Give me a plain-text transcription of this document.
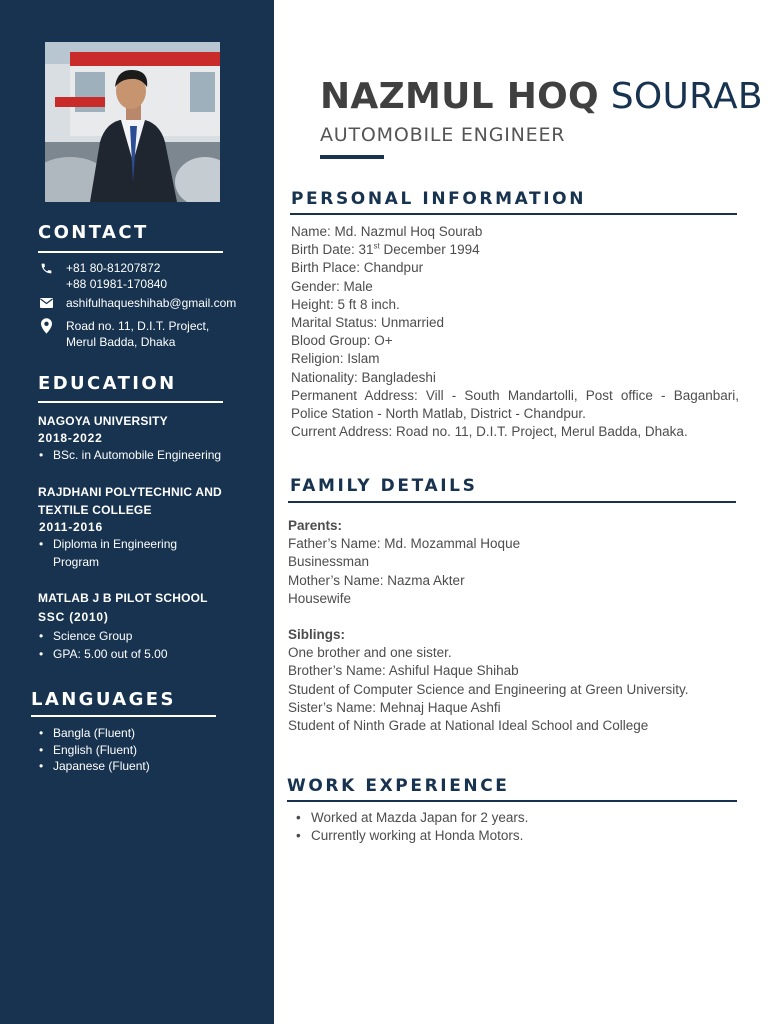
CONTACT
+81 80-81207872
+88 01981-170840
ashifulhaqueshihab@gmail.com
Road no. 11, D.I.T. Project,
Merul Badda, Dhaka
EDUCATION
NAGOYA UNIVERSITY
2018-2022
• BSc. in Automobile Engineering
RAJDHANI POLYTECHNIC AND
TEXTILE COLLEGE
2011-2016
• Diploma in Engineering Program
MATLAB J B PILOT SCHOOL
SSC (2010)
• Science Group
• GPA: 5.00 out of 5.00
LANGUAGES
• Bangla (Fluent)
• English (Fluent)
• Japanese (Fluent)
NAZMUL HOQ SOURAB
AUTOMOBILE ENGINEER
PERSONAL INFORMATION
Name: Md. Nazmul Hoq Sourab
Birth Date: 31st December 1994
Birth Place: Chandpur
Gender: Male
Height: 5 ft 8 inch.
Marital Status: Unmarried
Blood Group: O+
Religion: Islam
Nationality: Bangladeshi
Permanent Address: Vill - South Mandartolli, Post office - Baganbari, Police Station - North Matlab, District - Chandpur.
Current Address: Road no. 11, D.I.T. Project, Merul Badda, Dhaka.
FAMILY DETAILS
Parents:
Father’s Name: Md. Mozammal Hoque
Businessman
Mother’s Name: Nazma Akter
Housewife
Siblings:
One brother and one sister.
Brother’s Name: Ashiful Haque Shihab
Student of Computer Science and Engineering at Green University.
Sister’s Name: Mehnaj Haque Ashfi
Student of Ninth Grade at National Ideal School and College
WORK EXPERIENCE
• Worked at Mazda Japan for 2 years.
• Currently working at Honda Motors.
